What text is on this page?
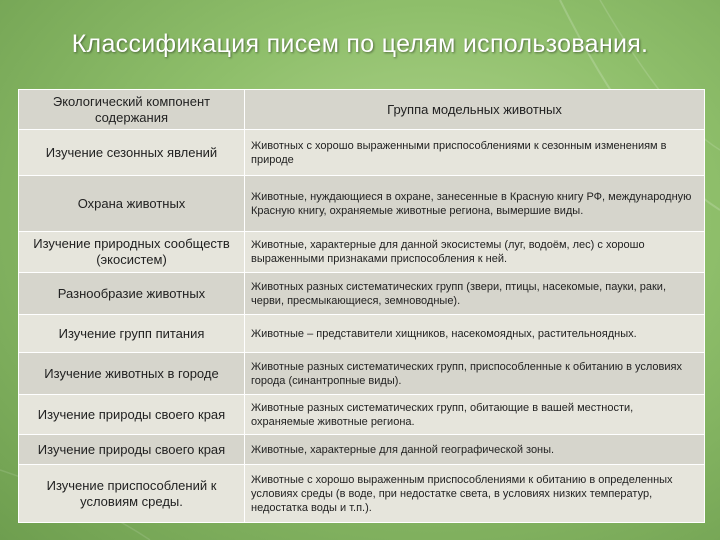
Классификация писем по целям использования.
Экологический компонент содержания	Группа модельных животных
Изучение сезонных явлений	Животных с хорошо выраженными приспособлениями к сезонным изменениям в природе
Охрана животных	Животные, нуждающиеся в охране, занесенные в Красную книгу РФ, международную Красную книгу, охраняемые животные региона, вымершие виды.
Изучение природных сообществ (экосистем)	Животные, характерные для данной экосистемы (луг, водоём, лес) с хорошо выраженными признаками приспособления к ней.
Разнообразие животных	Животных разных систематических групп (звери, птицы, насекомые, пауки, раки, черви, пресмыкающиеся, земноводные).
Изучение групп питания	Животные – представители хищников, насекомоядных, растительноядных.
Изучение животных в городе	Животные разных систематических групп, приспособленные к обитанию в условиях города (синантропные виды).
Изучение природы своего края	Животные разных систематических групп, обитающие в вашей местности, охраняемые животные региона.
Изучение природы своего края	Животные, характерные для данной географической зоны.
Изучение приспособлений к условиям среды.	Животные с хорошо выраженным приспособлениями к обитанию в определенных условиях среды (в воде, при недостатке света, в условиях низких температур, недостатка воды и т.п.).
